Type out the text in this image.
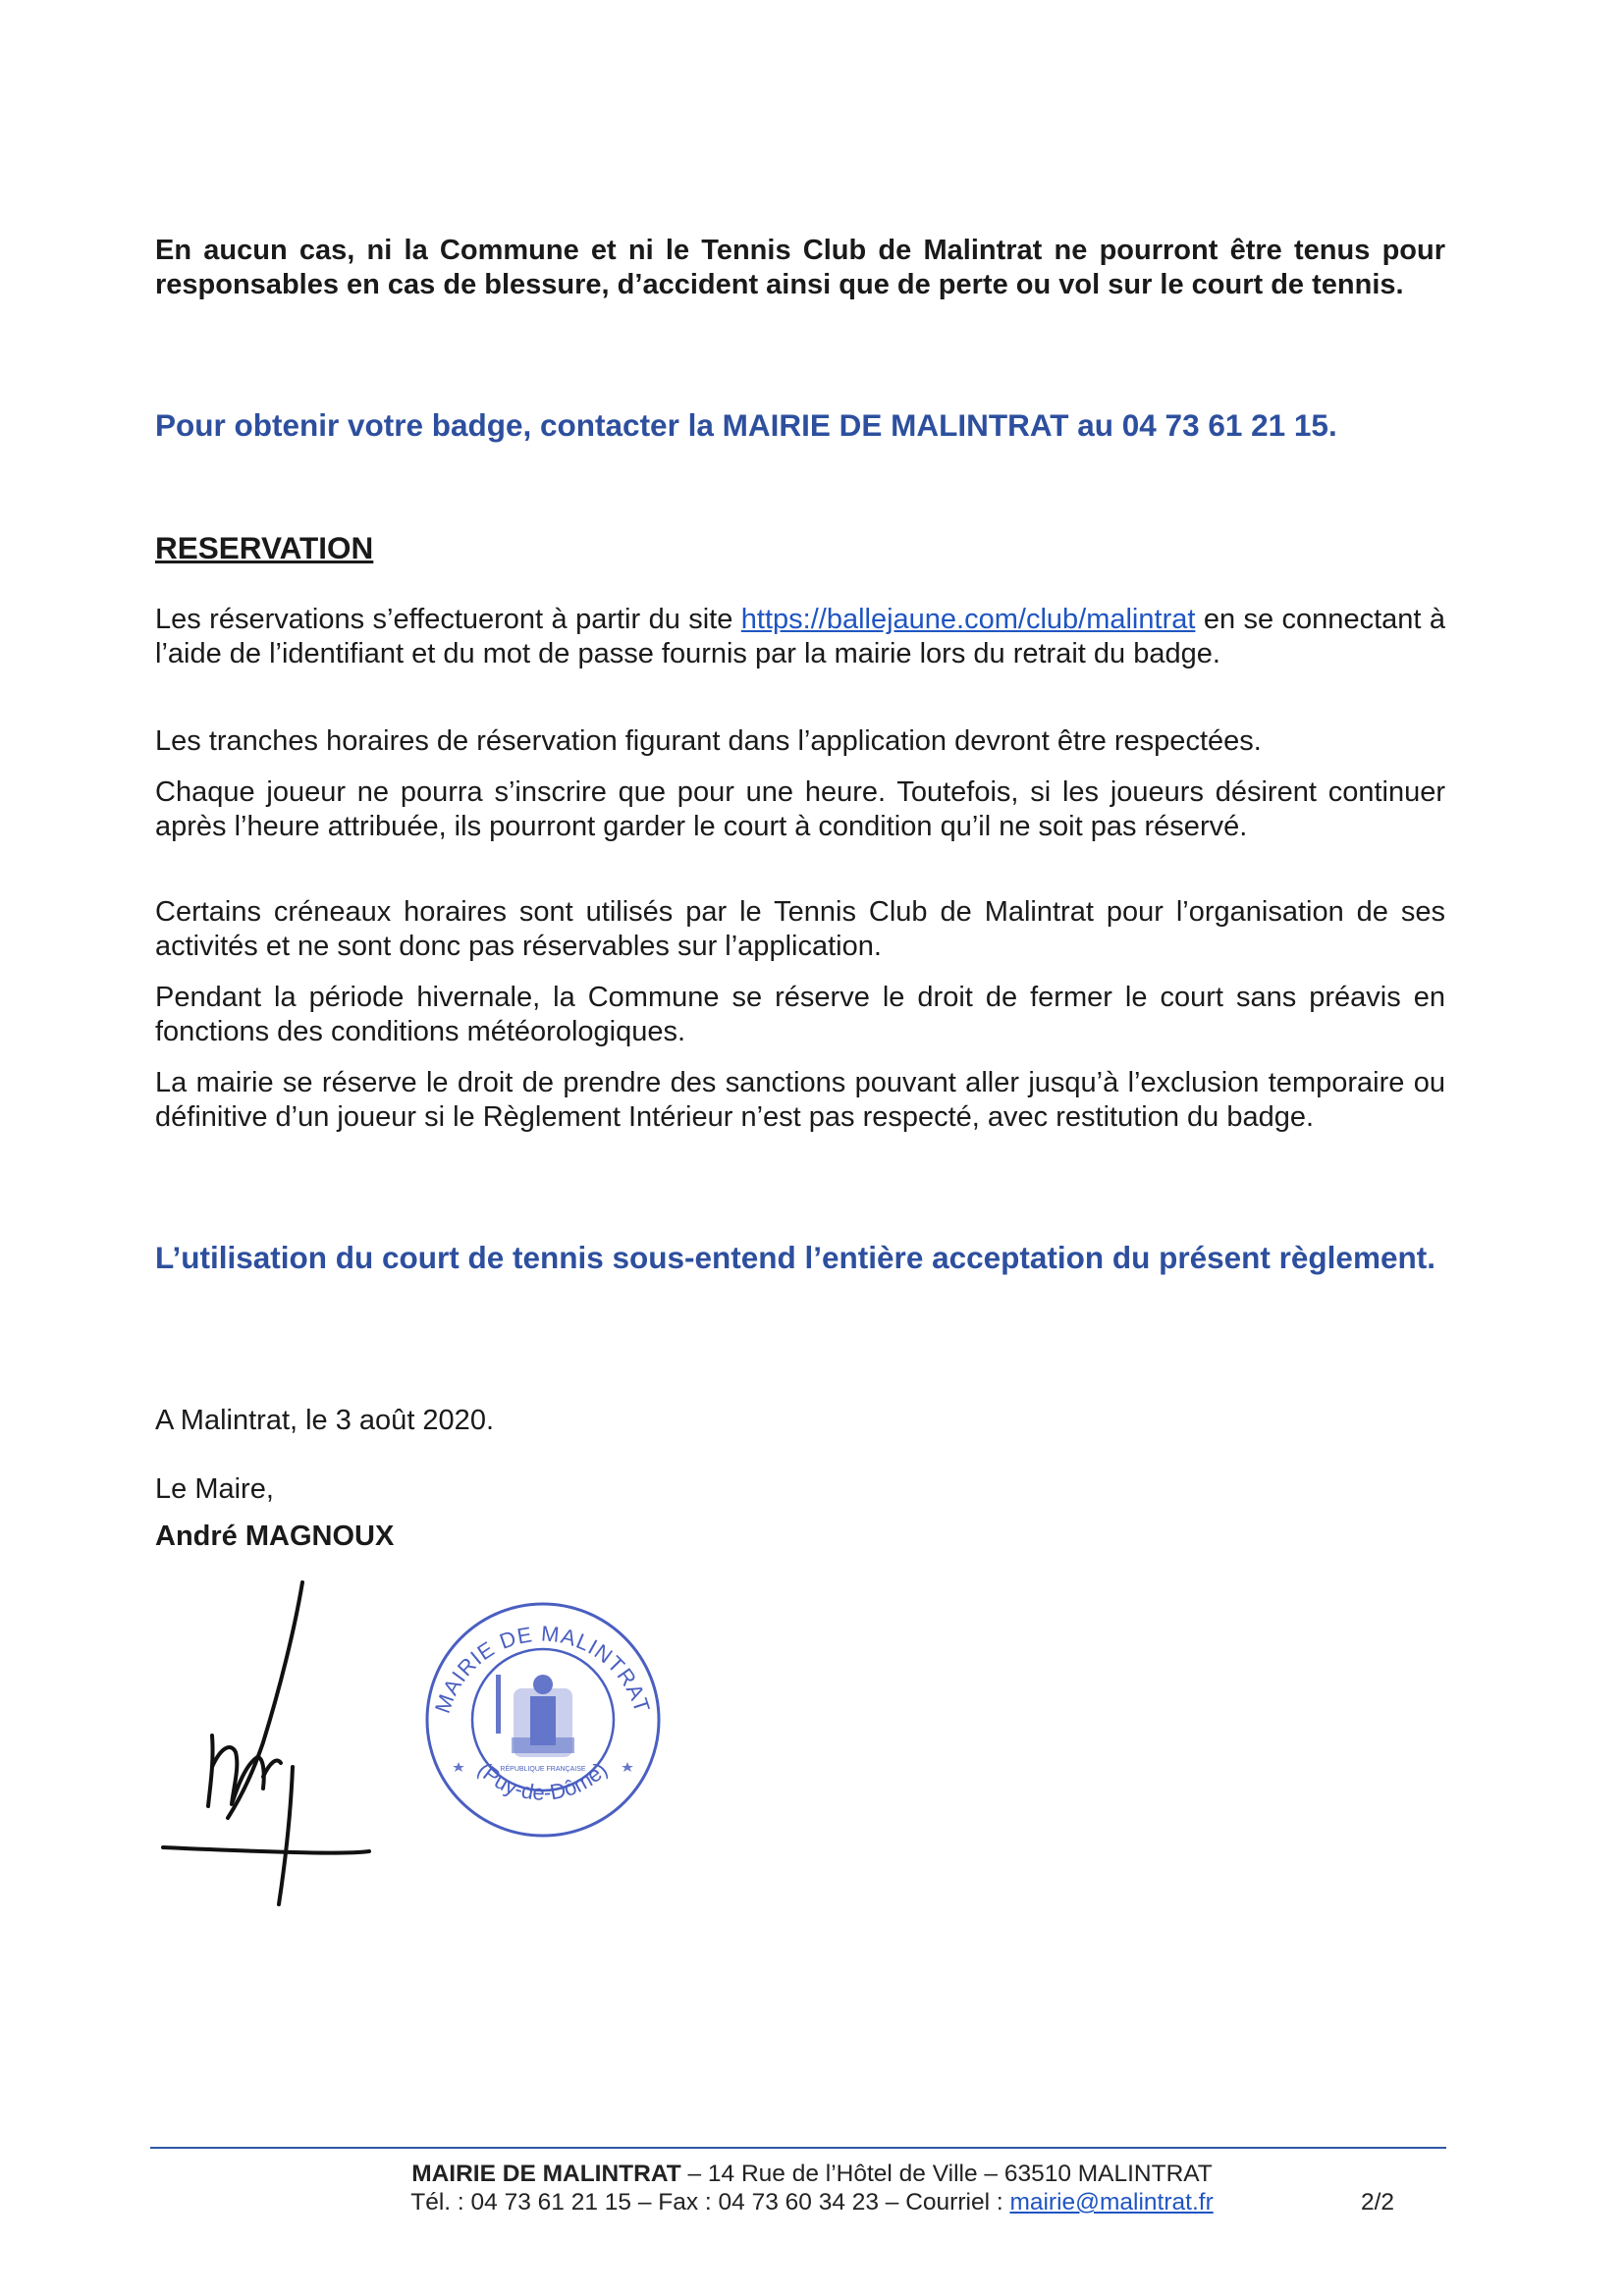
En aucun cas, ni la Commune et ni le Tennis Club de Malintrat ne pourront être tenus pour responsables en cas de blessure, d’accident ainsi que de perte ou vol sur le court de tennis.

Pour obtenir votre badge, contacter la MAIRIE DE MALINTRAT au 04 73 61 21 15.

RESERVATION

Les réservations s’effectueront à partir du site https://ballejaune.com/club/malintrat en se connectant à l’aide de l’identifiant et du mot de passe fournis par la mairie lors du retrait du badge.

Les tranches horaires de réservation figurant dans l’application devront être respectées.

Chaque joueur ne pourra s’inscrire que pour une heure. Toutefois, si les joueurs désirent continuer après l’heure attribuée, ils pourront garder le court à condition qu’il ne soit pas réservé.

Certains créneaux horaires sont utilisés par le Tennis Club de Malintrat pour l’organisation de ses activités et ne sont donc pas réservables sur l’application.

Pendant la période hivernale, la Commune se réserve le droit de fermer le court sans préavis en fonctions des conditions météorologiques.

La mairie se réserve le droit de prendre des sanctions pouvant aller jusqu’à l’exclusion temporaire ou définitive d’un joueur si le Règlement Intérieur n’est pas respecté, avec restitution du badge.

L’utilisation du court de tennis sous-entend l’entière acceptation du présent règlement.

A Malintrat, le 3 août 2020.

Le Maire,

André MAGNOUX

MAIRIE DE MALINTRAT
(Puy-de-Dôme)
RÉPUBLIQUE FRANÇAISE
MAIRIE DE MALINTRAT – 14 Rue de l’Hôtel de Ville – 63510 MALINTRAT
Tél. : 04 73 61 21 15 – Fax : 04 73 60 34 23 – Courriel : mairie@malintrat.fr	2/2
